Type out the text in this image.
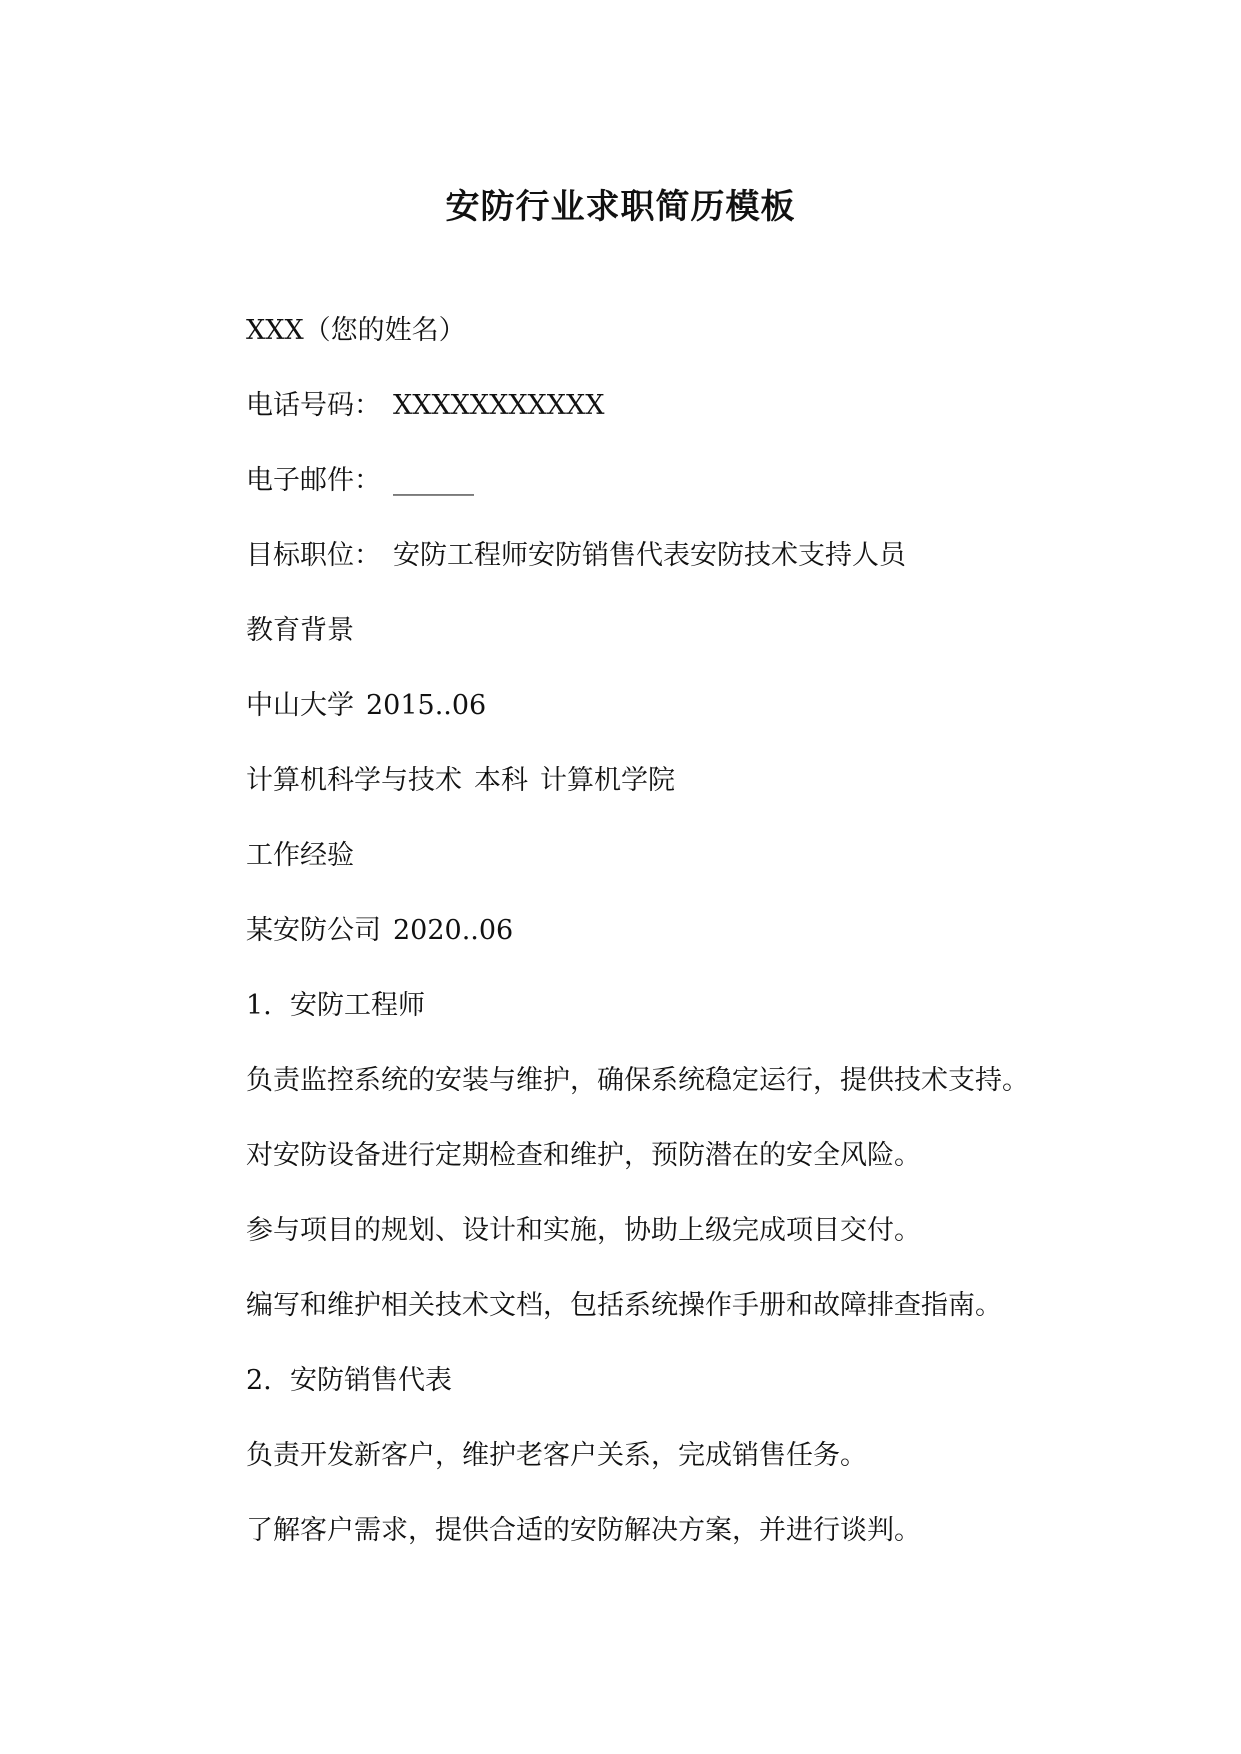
安防行业求职简历模板

XXX（您的姓名）

电话号码： XXXXXXXXXXX

电子邮件： ______

目标职位： 安防工程师安防销售代表安防技术支持人员

教育背景

中山大学 2015..06

计算机科学与技术 本科 计算机学院

工作经验

某安防公司 2020..06

1. 安防工程师

负责监控系统的安装与维护，确保系统稳定运行，提供技术支持。

对安防设备进行定期检查和维护，预防潜在的安全风险。

参与项目的规划、设计和实施，协助上级完成项目交付。

编写和维护相关技术文档，包括系统操作手册和故障排查指南。

2. 安防销售代表

负责开发新客户，维护老客户关系，完成销售任务。

了解客户需求，提供合适的安防解决方案，并进行谈判。
